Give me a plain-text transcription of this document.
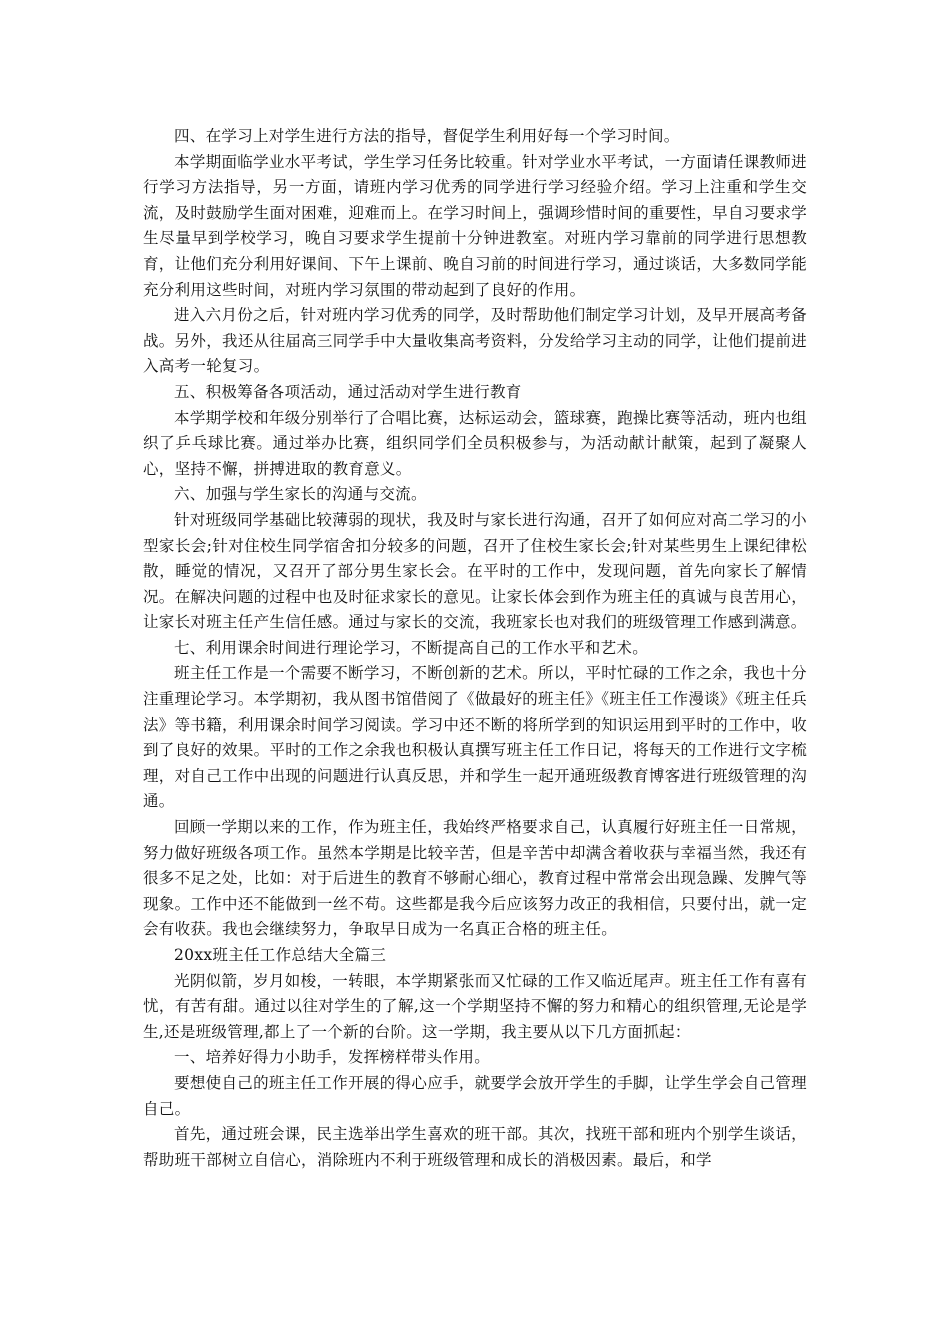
四、在学习上对学生进行方法的指导，督促学生利用好每一个学习时间。

本学期面临学业水平考试，学生学习任务比较重。针对学业水平考试，一方面请任课教师进行学习方法指导，另一方面，请班内学习优秀的同学进行学习经验介绍。学习上注重和学生交流，及时鼓励学生面对困难，迎难而上。在学习时间上，强调珍惜时间的重要性，早自习要求学生尽量早到学校学习，晚自习要求学生提前十分钟进教室。对班内学习靠前的同学进行思想教育，让他们充分利用好课间、下午上课前、晚自习前的时间进行学习，通过谈话，大多数同学能充分利用这些时间，对班内学习氛围的带动起到了良好的作用。

进入六月份之后，针对班内学习优秀的同学，及时帮助他们制定学习计划，及早开展高考备战。另外，我还从往届高三同学手中大量收集高考资料，分发给学习主动的同学，让他们提前进入高考一轮复习。

五、积极筹备各项活动，通过活动对学生进行教育

本学期学校和年级分别举行了合唱比赛，达标运动会，篮球赛，跑操比赛等活动，班内也组织了乒乓球比赛。通过举办比赛，组织同学们全员积极参与，为活动献计献策，起到了凝聚人心，坚持不懈，拼搏进取的教育意义。

六、加强与学生家长的沟通与交流。

针对班级同学基础比较薄弱的现状，我及时与家长进行沟通，召开了如何应对高二学习的小型家长会;针对住校生同学宿舍扣分较多的问题，召开了住校生家长会;针对某些男生上课纪律松散，睡觉的情况，又召开了部分男生家长会。在平时的工作中，发现问题，首先向家长了解情况。在解决问题的过程中也及时征求家长的意见。让家长体会到作为班主任的真诚与良苦用心，让家长对班主任产生信任感。通过与家长的交流，我班家长也对我们的班级管理工作感到满意。

七、利用课余时间进行理论学习，不断提高自己的工作水平和艺术。

班主任工作是一个需要不断学习，不断创新的艺术。所以，平时忙碌的工作之余，我也十分注重理论学习。本学期初，我从图书馆借阅了《做最好的班主任》《班主任工作漫谈》《班主任兵法》等书籍，利用课余时间学习阅读。学习中还不断的将所学到的知识运用到平时的工作中，收到了良好的效果。平时的工作之余我也积极认真撰写班主任工作日记，将每天的工作进行文字梳理，对自己工作中出现的问题进行认真反思，并和学生一起开通班级教育博客进行班级管理的沟通。

回顾一学期以来的工作，作为班主任，我始终严格要求自己，认真履行好班主任一日常规，努力做好班级各项工作。虽然本学期是比较辛苦，但是辛苦中却满含着收获与幸福当然，我还有很多不足之处，比如：对于后进生的教育不够耐心细心，教育过程中常常会出现急躁、发脾气等现象。工作中还不能做到一丝不苟。这些都是我今后应该努力改正的我相信，只要付出，就一定会有收获。我也会继续努力，争取早日成为一名真正合格的班主任。

20xx班主任工作总结大全篇三

光阴似箭，岁月如梭，一转眼，本学期紧张而又忙碌的工作又临近尾声。班主任工作有喜有忧，有苦有甜。通过以往对学生的了解,这一个学期坚持不懈的努力和精心的组织管理,无论是学生,还是班级管理,都上了一个新的台阶。这一学期，我主要从以下几方面抓起：

一、培养好得力小助手，发挥榜样带头作用。

要想使自己的班主任工作开展的得心应手，就要学会放开学生的手脚，让学生学会自己管理自己。

首先，通过班会课，民主选举出学生喜欢的班干部。其次，找班干部和班内个别学生谈话，帮助班干部树立自信心，消除班内不利于班级管理和成长的消极因素。最后，和学
